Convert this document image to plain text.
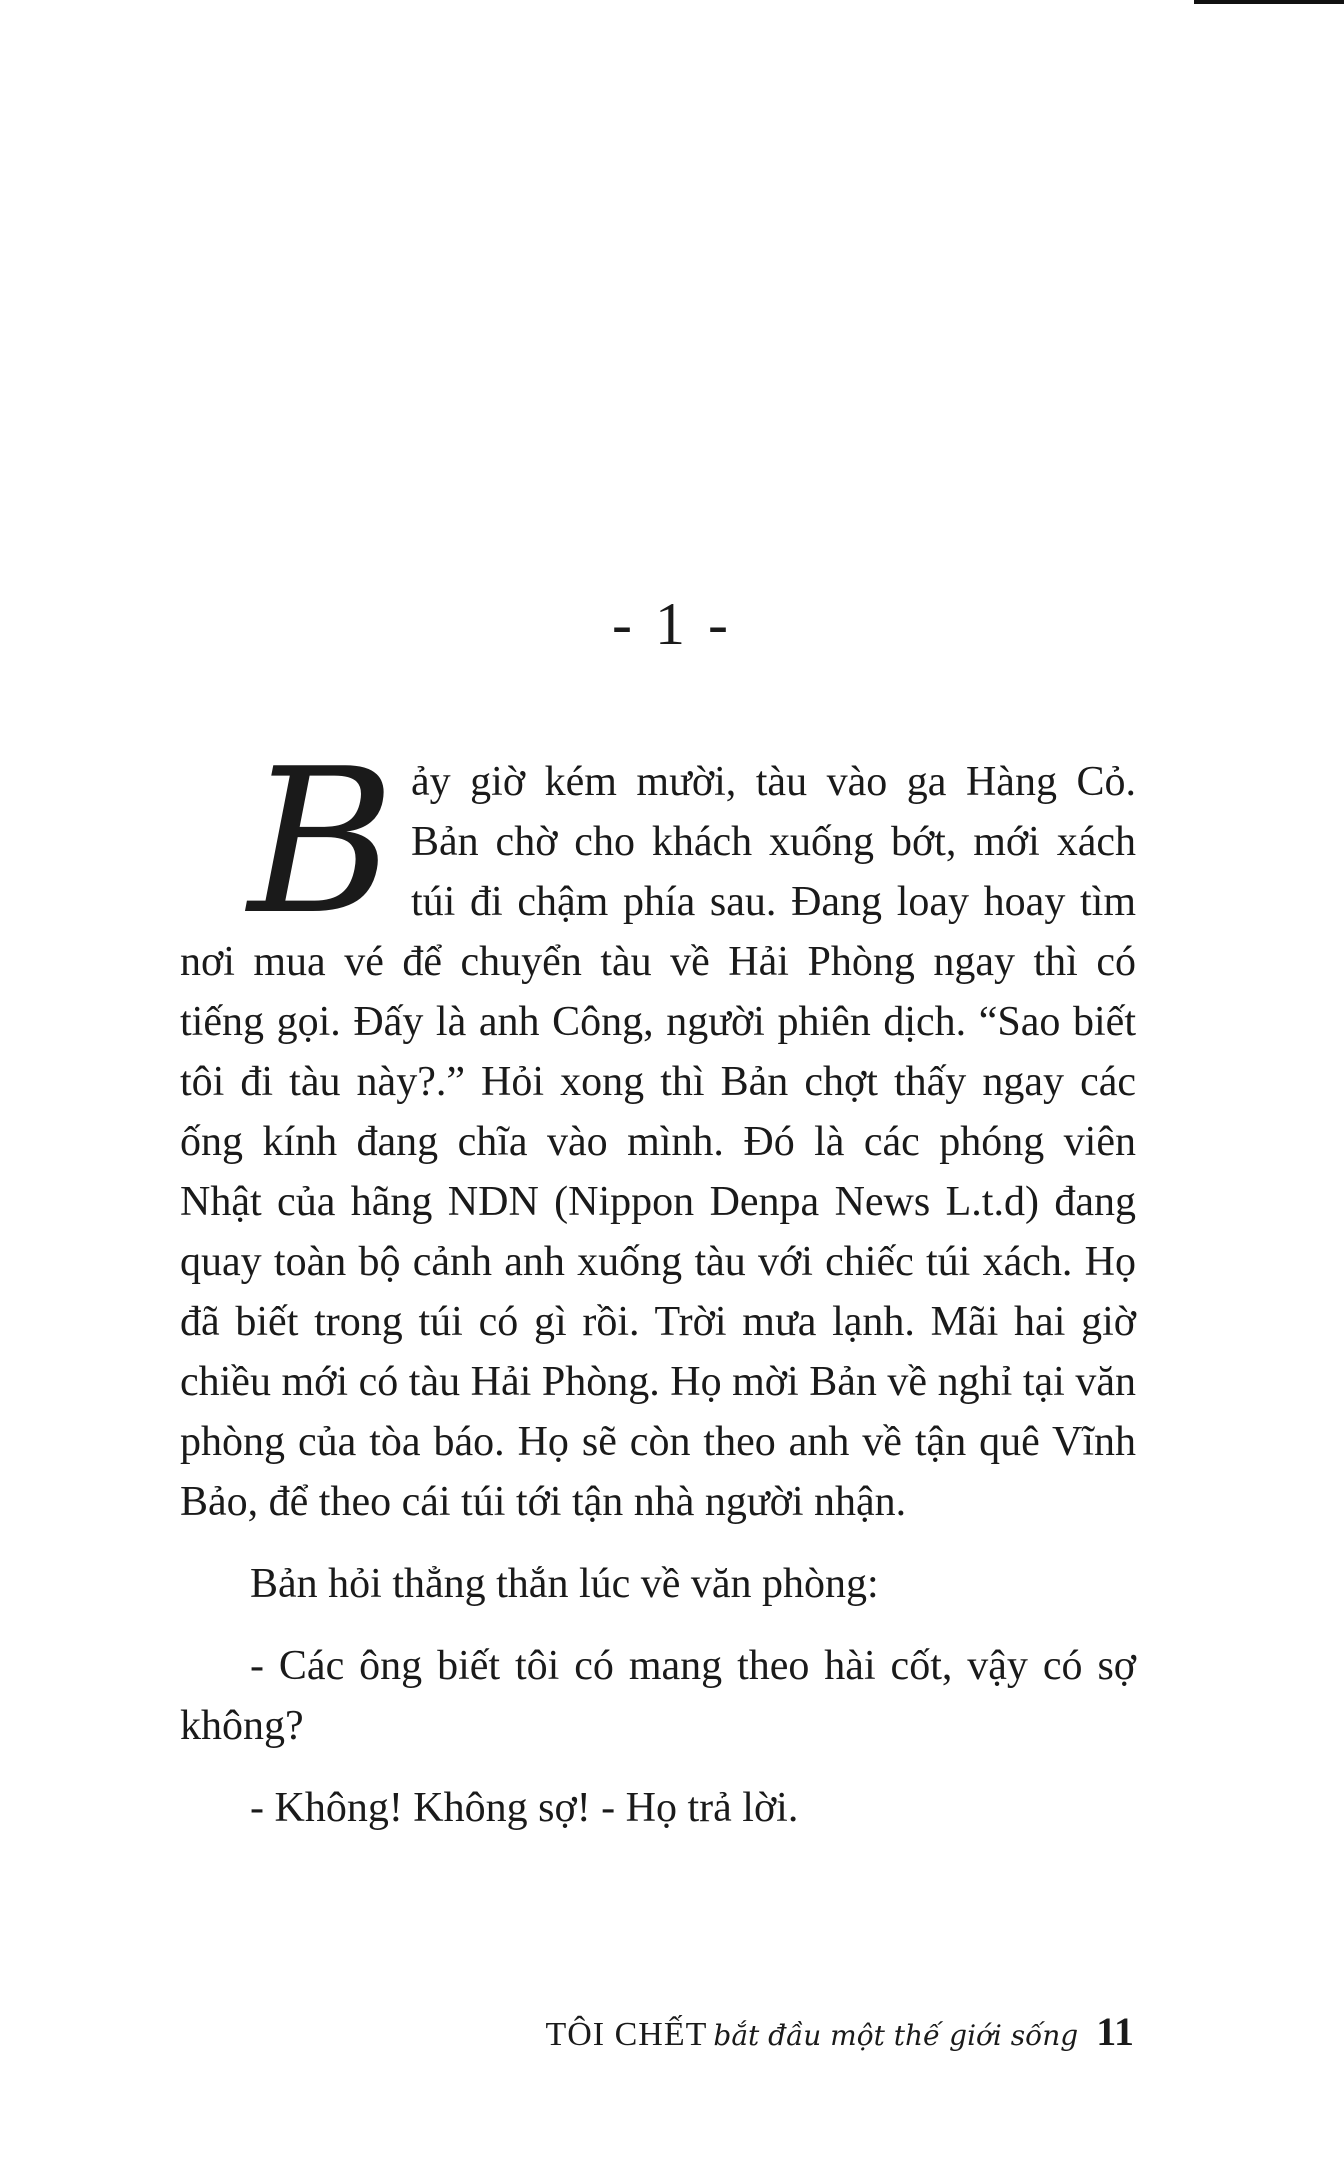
- 1 -

Bảy giờ kém mười, tàu vào ga Hàng Cỏ. Bản chờ cho khách xuống bớt, mới xách túi đi chậm phía sau. Đang loay hoay tìm nơi mua vé để chuyển tàu về Hải Phòng ngay thì có tiếng gọi. Đấy là anh Công, người phiên dịch. “Sao biết tôi đi tàu này?.” Hỏi xong thì Bản chợt thấy ngay các ống kính đang chĩa vào mình. Đó là các phóng viên Nhật của hãng NDN (Nippon Denpa News L.t.d) đang quay toàn bộ cảnh anh xuống tàu với chiếc túi xách. Họ đã biết trong túi có gì rồi. Trời mưa lạnh. Mãi hai giờ chiều mới có tàu Hải Phòng. Họ mời Bản về nghỉ tại văn phòng của tòa báo. Họ sẽ còn theo anh về tận quê Vĩnh Bảo, để theo cái túi tới tận nhà người nhận.

Bản hỏi thẳng thắn lúc về văn phòng:

- Các ông biết tôi có mang theo hài cốt, vậy có sợ không?

- Không! Không sợ! - Họ trả lời.

TÔI CHẾT bắt đầu một thế giới sống 11
